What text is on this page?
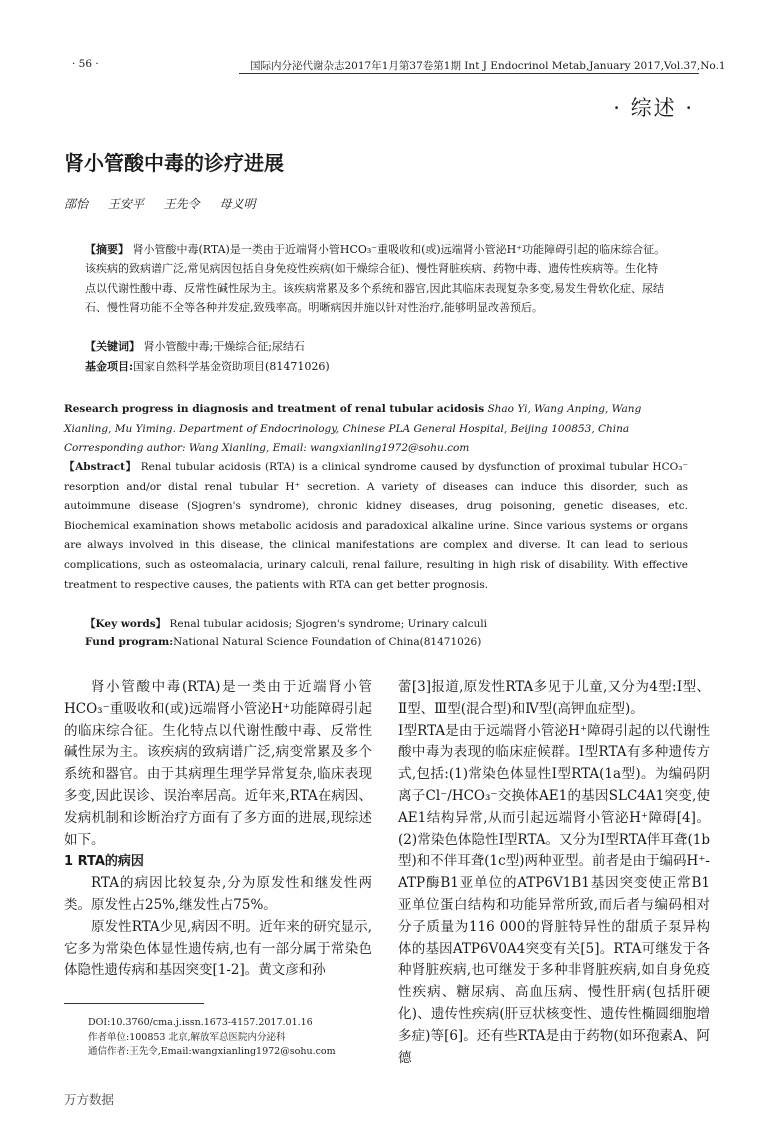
· 56 ·	国际内分泌代谢杂志2017年1月第37卷第1期 Int J Endocrinol Metab,January 2017,Vol.37,No.1
· 综述 ·
肾小管酸中毒的诊疗进展
邵怡 王安平 王先令 母义明
【摘要】 肾小管酸中毒(RTA)是一类由于近端肾小管HCO₃⁻重吸收和(或)远端肾小管泌H⁺功能障碍引起的临床综合征。该疾病的致病谱广泛,常见病因包括自身免疫性疾病(如干燥综合征)、慢性肾脏疾病、药物中毒、遗传性疾病等。生化特点以代谢性酸中毒、反常性碱性尿为主。该疾病常累及多个系统和器官,因此其临床表现复杂多变,易发生骨软化症、尿结石、慢性肾功能不全等各种并发症,致残率高。明晰病因并施以针对性治疗,能够明显改善预后。
【关键词】 肾小管酸中毒;干燥综合征;尿结石
基金项目:国家自然科学基金资助项目(81471026)
Research progress in diagnosis and treatment of renal tubular acidosis Shao Yi, Wang Anping, Wang Xianling, Mu Yiming. Department of Endocrinology, Chinese PLA General Hospital, Beijing 100853, China
Corresponding author: Wang Xianling, Email: wangxianling1972@sohu.com
【Abstract】 Renal tubular acidosis (RTA) is a clinical syndrome caused by dysfunction of proximal tubular HCO₃⁻ resorption and/or distal renal tubular H⁺ secretion. A variety of diseases can induce this disorder, such as autoimmune disease (Sjogren's syndrome), chronic kidney diseases, drug poisoning, genetic diseases, etc. Biochemical examination shows metabolic acidosis and paradoxical alkaline urine. Since various systems or organs are always involved in this disease, the clinical manifestations are complex and diverse. It can lead to serious complications, such as osteomalacia, urinary calculi, renal failure, resulting in high risk of disability. With effective treatment to respective causes, the patients with RTA can get better prognosis.
【Key words】 Renal tubular acidosis; Sjogren's syndrome; Urinary calculi
Fund program:National Natural Science Foundation of China(81471026)

肾小管酸中毒(RTA)是一类由于近端肾小管HCO₃⁻重吸收和(或)远端肾小管泌H⁺功能障碍引起的临床综合征。生化特点以代谢性酸中毒、反常性碱性尿为主。该疾病的致病谱广泛,病变常累及多个系统和器官。由于其病理生理学异常复杂,临床表现多变,因此误诊、误治率居高。近年来,RTA在病因、发病机制和诊断治疗方面有了多方面的进展,现综述如下。

1 RTA的病因

RTA的病因比较复杂,分为原发性和继发性两类。原发性占25%,继发性占75%。

原发性RTA少见,病因不明。近年来的研究显示,它多为常染色体显性遗传病,也有一部分属于常染色体隐性遗传病和基因突变[1-2]。黄文彦和孙

蕾[3]报道,原发性RTA多见于儿童,又分为4型:Ⅰ型、Ⅱ型、Ⅲ型(混合型)和Ⅳ型(高钾血症型)。

Ⅰ型RTA是由于远端肾小管泌H⁺障碍引起的以代谢性酸中毒为表现的临床症候群。Ⅰ型RTA有多种遗传方式,包括:(1)常染色体显性Ⅰ型RTA(1a型)。为编码阴离子Cl⁻/HCO₃⁻交换体AE1的基因SLC4A1突变,使AE1结构异常,从而引起远端肾小管泌H⁺障碍[4]。(2)常染色体隐性Ⅰ型RTA。又分为Ⅰ型RTA伴耳聋(1b型)和不伴耳聋(1c型)两种亚型。前者是由于编码H⁺-ATP酶B1亚单位的ATP6V1B1基因突变使正常B1亚单位蛋白结构和功能异常所致,而后者与编码相对分子质量为116 000的肾脏特异性的甜质子泵异构体的基因ATP6V0A4突变有关[5]。RTA可继发于各种肾脏疾病,也可继发于多种非肾脏疾病,如自身免疫性疾病、糖尿病、高血压病、慢性肝病(包括肝硬化)、遗传性疾病(肝豆状核变性、遗传性椭圆细胞增多症)等[6]。还有些RTA是由于药物(如环孢素A、阿德

DOI:10.3760/cma.j.issn.1673-4157.2017.01.16
作者单位:100853 北京,解放军总医院内分泌科
通信作者:王先令,Email:wangxianling1972@sohu.com
万方数据
